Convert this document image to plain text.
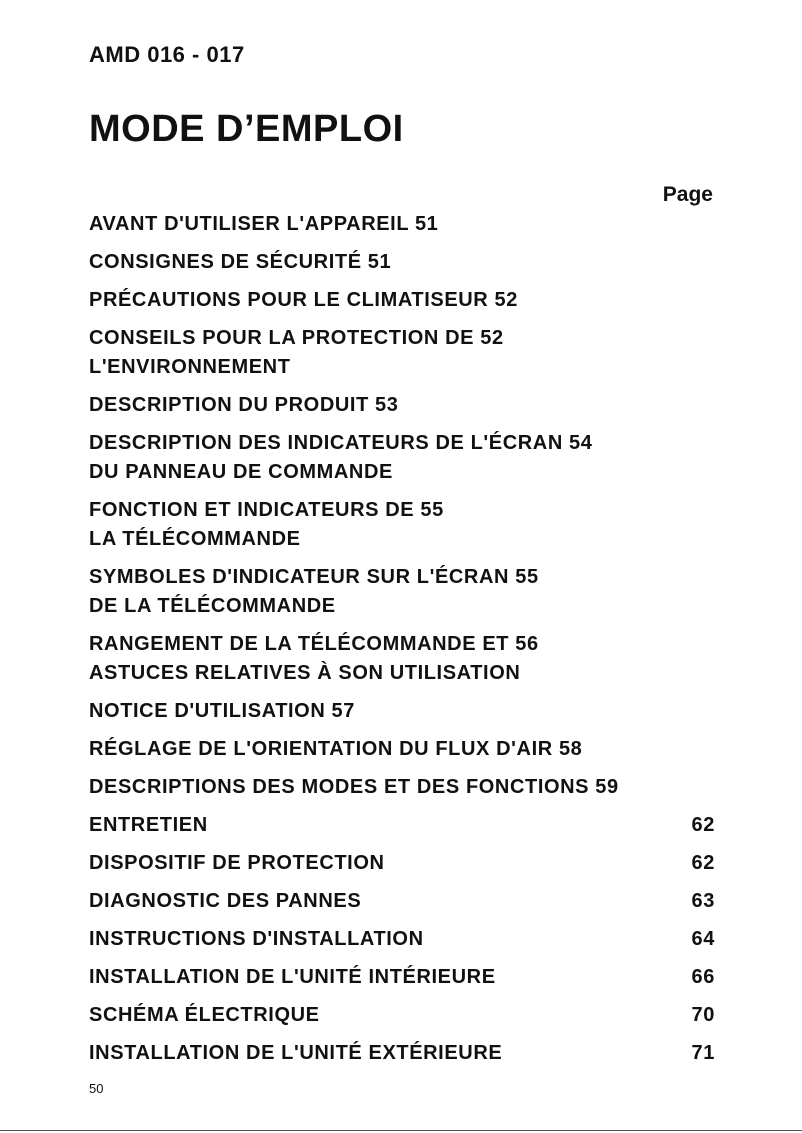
AMD 016 - 017
MODE D’EMPLOI
Page
AVANT D'UTILISER L'APPAREIL 51
CONSIGNES DE SÉCURITÉ 51
PRÉCAUTIONS POUR LE CLIMATISEUR 52
CONSEILS POUR LA PROTECTION DE 52
L'ENVIRONNEMENT
DESCRIPTION DU PRODUIT 53
DESCRIPTION DES INDICATEURS DE L'ÉCRAN 54
DU PANNEAU DE COMMANDE
FONCTION ET INDICATEURS DE 55
LA TÉLÉCOMMANDE
SYMBOLES D'INDICATEUR SUR L'ÉCRAN 55
DE LA TÉLÉCOMMANDE
RANGEMENT DE LA TÉLÉCOMMANDE ET 56
ASTUCES RELATIVES À SON UTILISATION
NOTICE D'UTILISATION 57
RÉGLAGE DE L'ORIENTATION DU FLUX D'AIR 58
DESCRIPTIONS DES MODES ET DES FONCTIONS 59
ENTRETIEN	62
DISPOSITIF DE PROTECTION	62
DIAGNOSTIC DES PANNES	63
INSTRUCTIONS D'INSTALLATION	64
INSTALLATION DE L'UNITÉ INTÉRIEURE	66
SCHÉMA ÉLECTRIQUE	70
INSTALLATION DE L'UNITÉ EXTÉRIEURE	71
50
